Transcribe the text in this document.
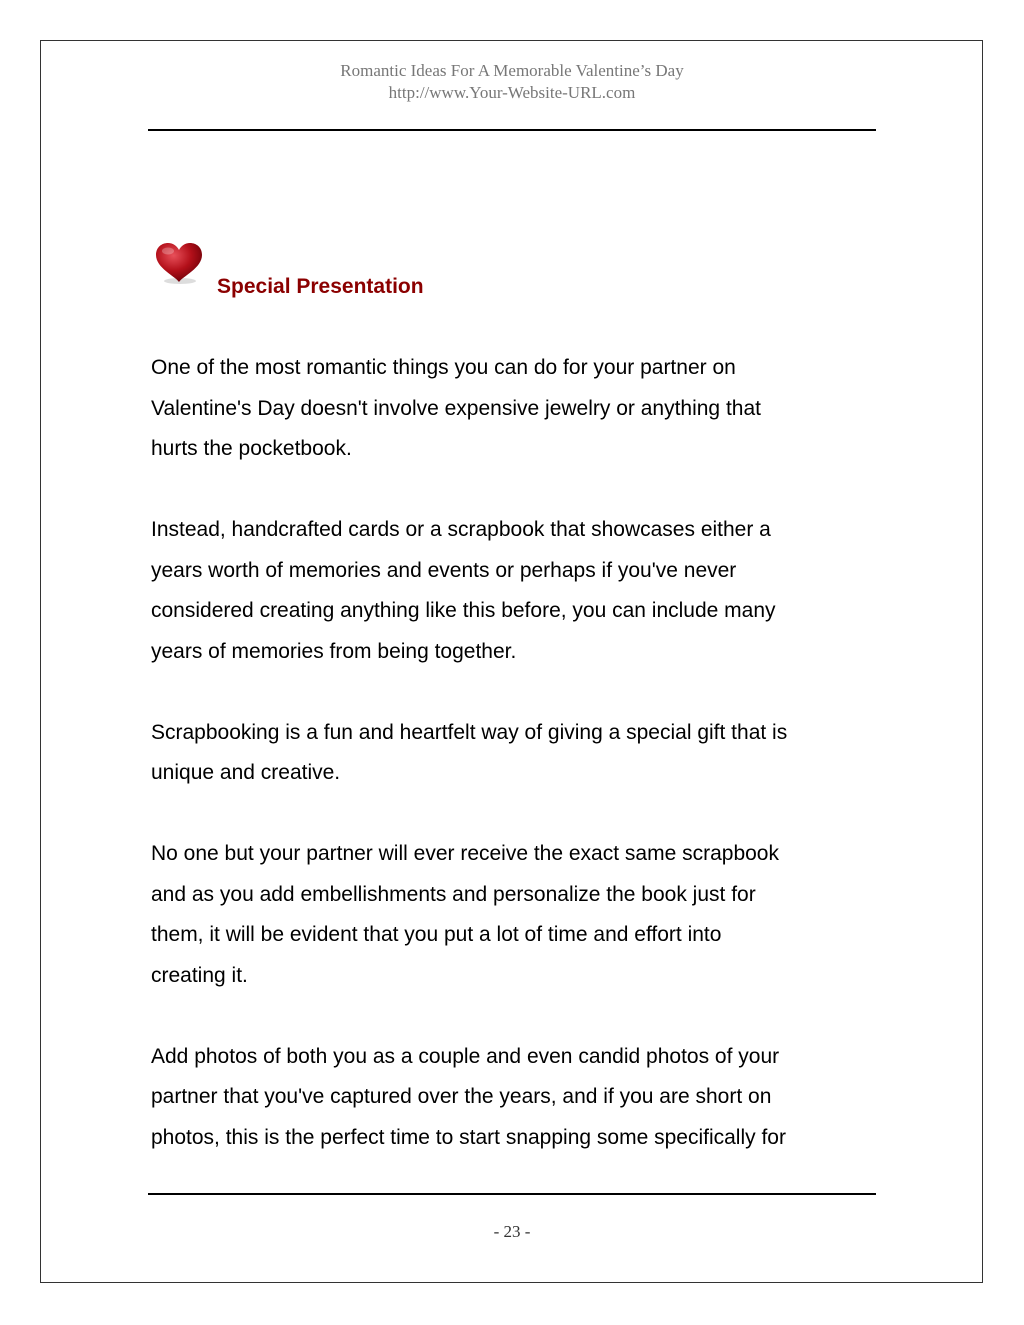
Romantic Ideas For A Memorable Valentine’s Day
http://www.Your-Website-URL.com
Special Presentation

One of the most romantic things you can do for your partner on
Valentine's Day doesn't involve expensive jewelry or anything that
hurts the pocketbook.

Instead, handcrafted cards or a scrapbook that showcases either a
years worth of memories and events or perhaps if you've never
considered creating anything like this before, you can include many
years of memories from being together.

Scrapbooking is a fun and heartfelt way of giving a special gift that is
unique and creative.

No one but your partner will ever receive the exact same scrapbook
and as you add embellishments and personalize the book just for
them, it will be evident that you put a lot of time and effort into
creating it.

Add photos of both you as a couple and even candid photos of your
partner that you've captured over the years, and if you are short on
photos, this is the perfect time to start snapping some specifically for

- 23 -
